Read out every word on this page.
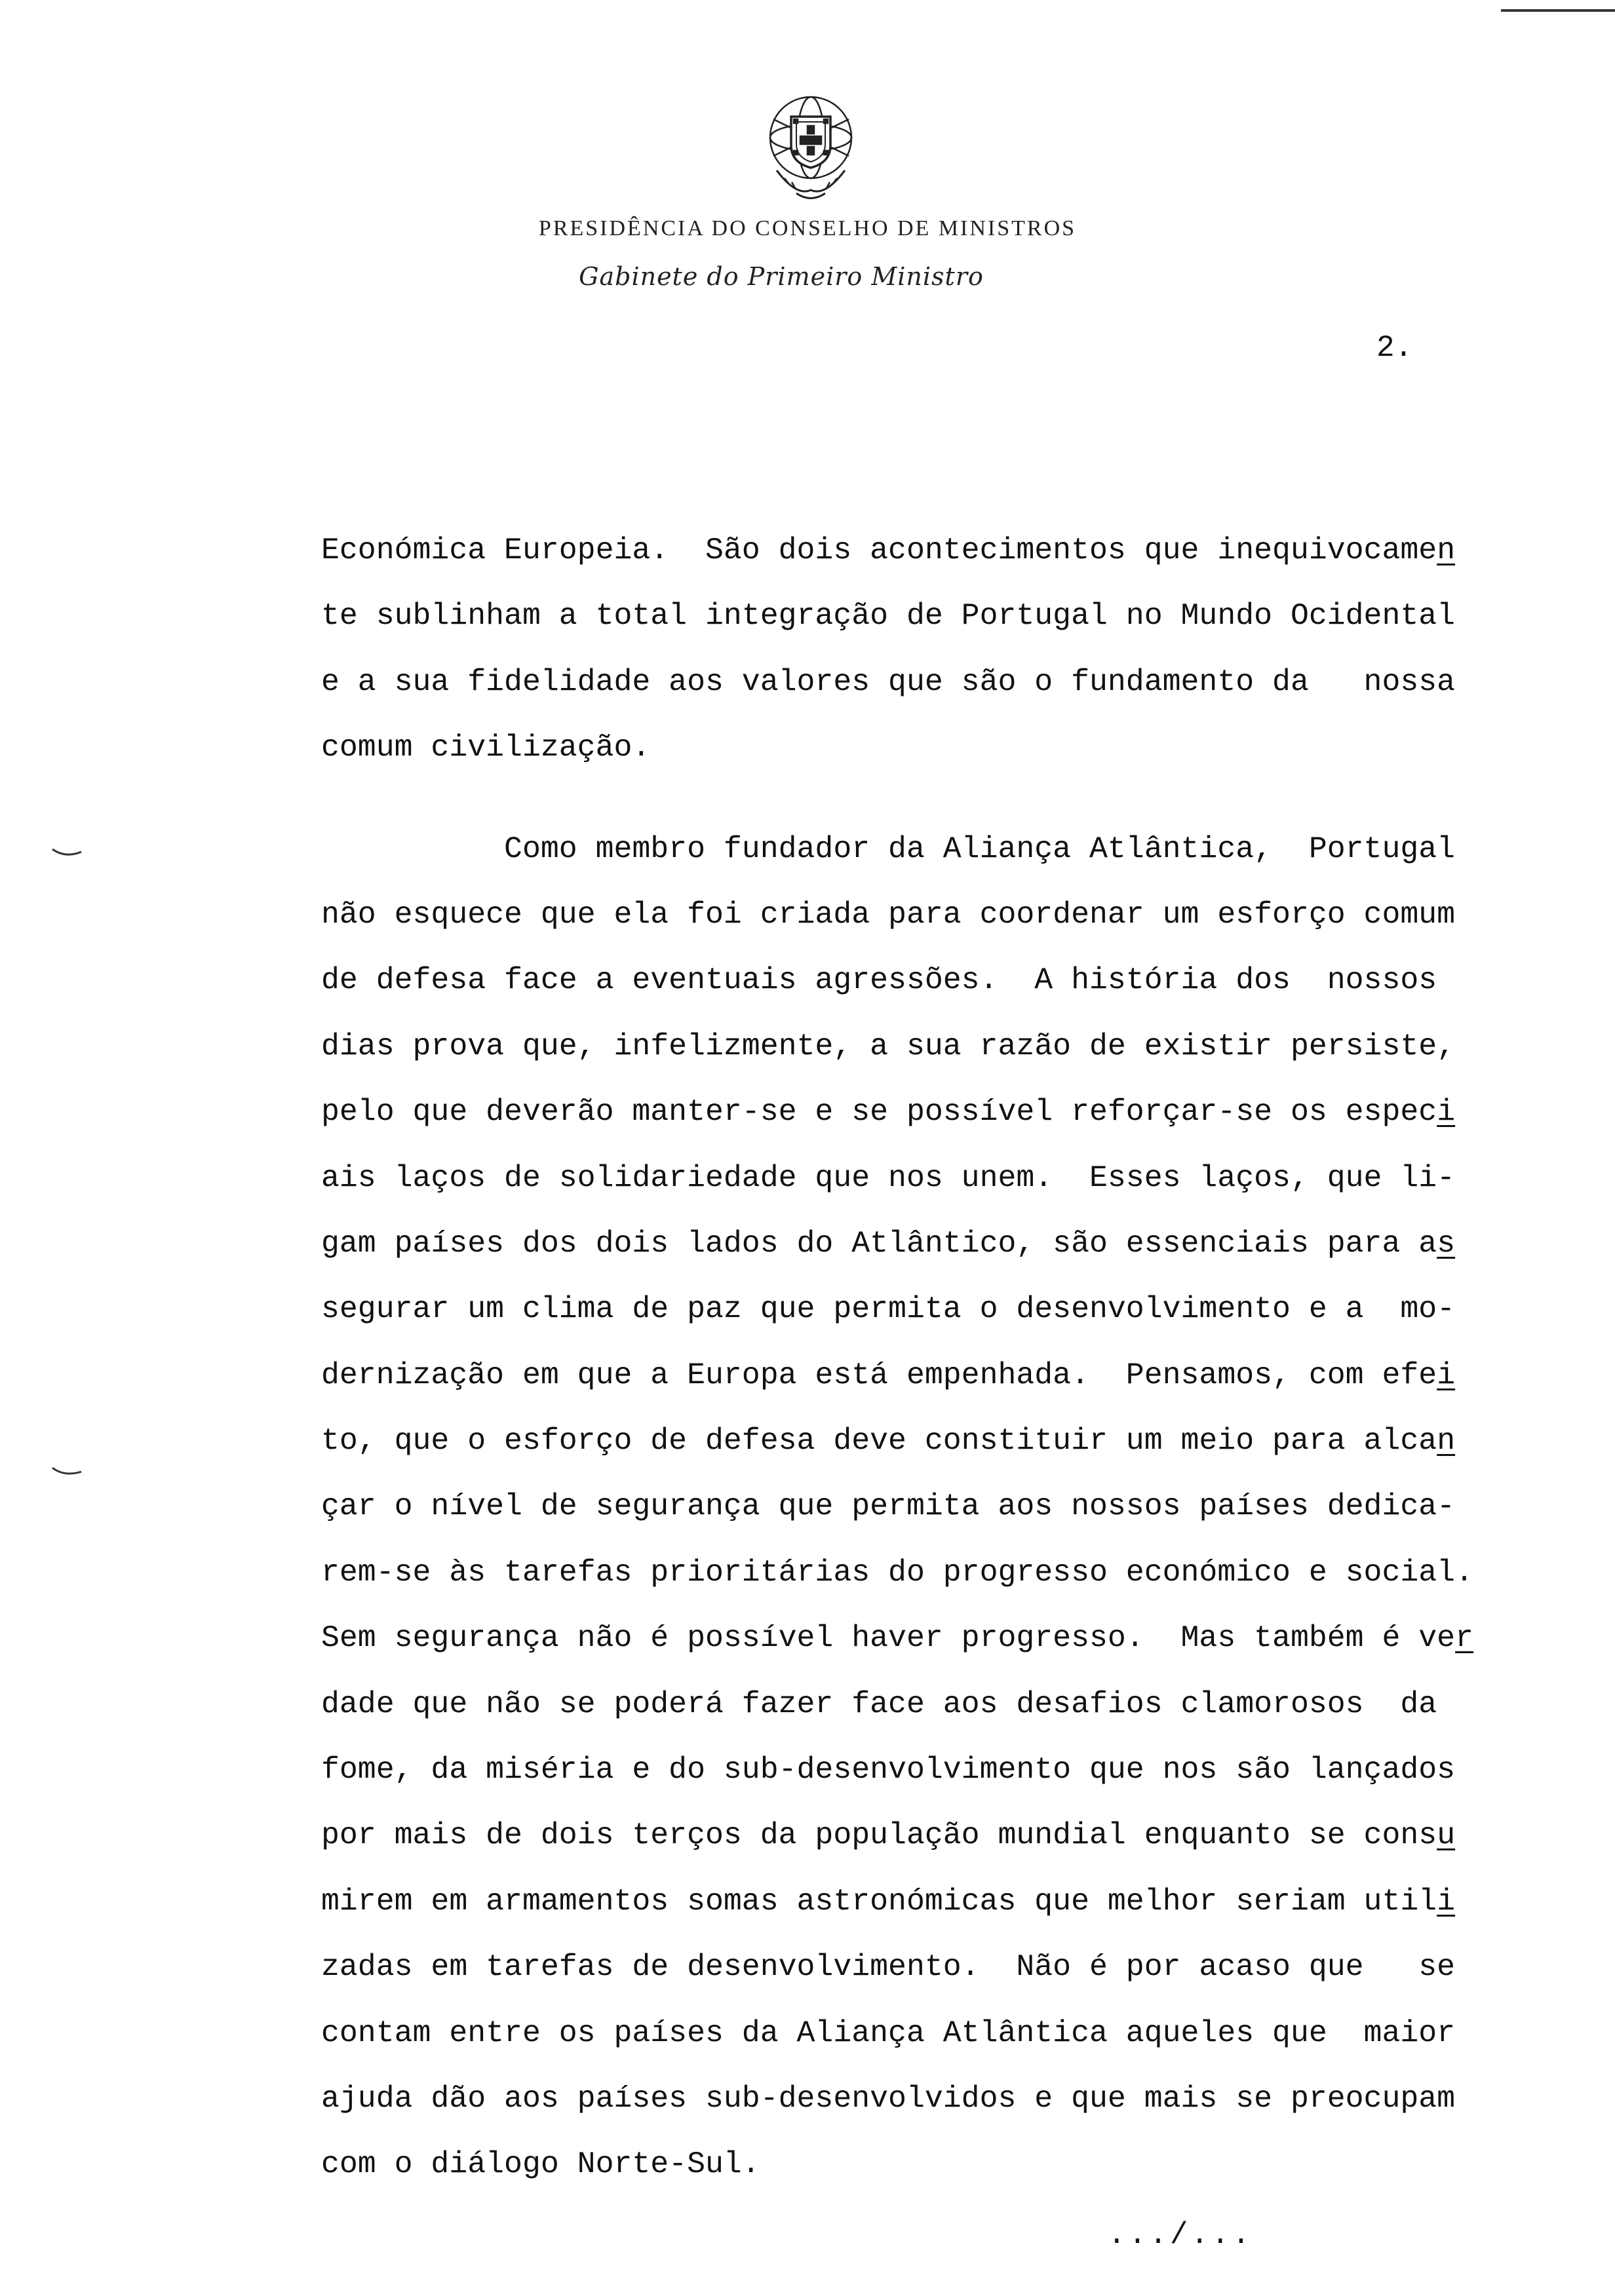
PRESIDÊNCIA DO CONSELHO DE MINISTROS
Gabinete do Primeiro Ministro
2.
Económica Europeia.  São dois acontecimentos que inequivocamen
te sublinham a total integração de Portugal no Mundo Ocidental
e a sua fidelidade aos valores que são o fundamento da   nossa
comum civilização.
Como membro fundador da Aliança Atlântica,  Portugal
não esquece que ela foi criada para coordenar um esforço comum
de defesa face a eventuais agressões.  A história dos  nossos
dias prova que, infelizmente, a sua razão de existir persiste,
pelo que deverão manter-se e se possível reforçar-se os especi
ais laços de solidariedade que nos unem.  Esses laços, que li-
gam países dos dois lados do Atlântico, são essenciais para as
segurar um clima de paz que permita o desenvolvimento e a  mo-
dernização em que a Europa está empenhada.  Pensamos, com efei
to, que o esforço de defesa deve constituir um meio para alcan
çar o nível de segurança que permita aos nossos países dedica-
rem-se às tarefas prioritárias do progresso económico e social.
Sem segurança não é possível haver progresso.  Mas também é ver
dade que não se poderá fazer face aos desafios clamorosos  da
fome, da miséria e do sub-desenvolvimento que nos são lançados
por mais de dois terços da população mundial enquanto se consu
mirem em armamentos somas astronómicas que melhor seriam utili
zadas em tarefas de desenvolvimento.  Não é por acaso que   se
contam entre os países da Aliança Atlântica aqueles que  maior
ajuda dão aos países sub-desenvolvidos e que mais se preocupam
com o diálogo Norte-Sul.
.../...
